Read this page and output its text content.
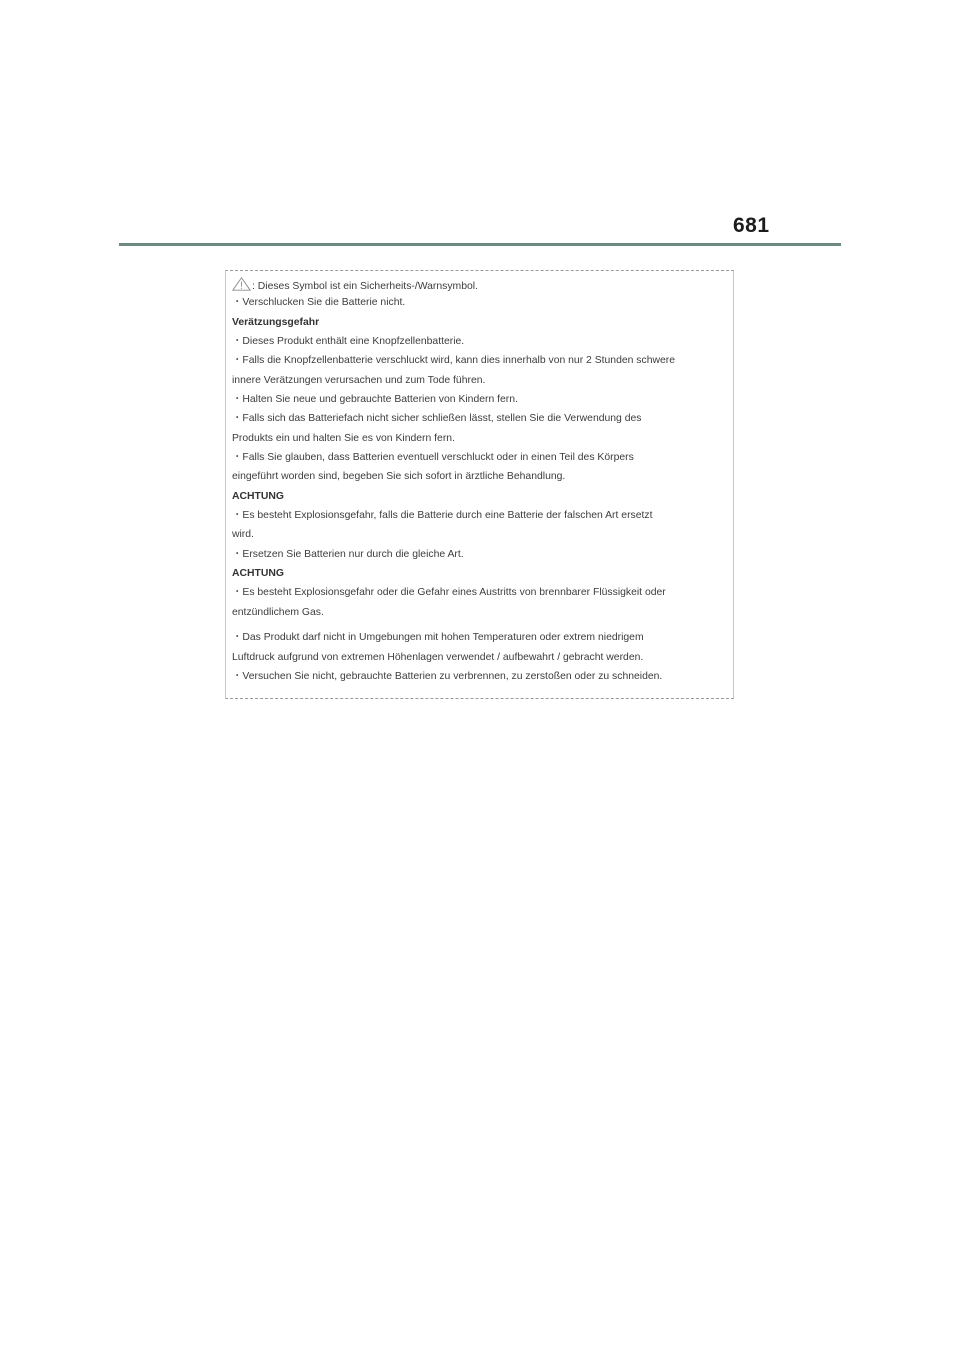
681
: Dieses Symbol ist ein Sicherheits-/Warnsymbol.
・Verschlucken Sie die Batterie nicht.
Verätzungsgefahr
・Dieses Produkt enthält eine Knopfzellenbatterie.
・Falls die Knopfzellenbatterie verschluckt wird, kann dies innerhalb von nur 2 Stunden schwere
innere Verätzungen verursachen und zum Tode führen.
・Halten Sie neue und gebrauchte Batterien von Kindern fern.
・Falls sich das Batteriefach nicht sicher schließen lässt, stellen Sie die Verwendung des
Produkts ein und halten Sie es von Kindern fern.
・Falls Sie glauben, dass Batterien eventuell verschluckt oder in einen Teil des Körpers
eingeführt worden sind, begeben Sie sich sofort in ärztliche Behandlung.
ACHTUNG
・Es besteht Explosionsgefahr, falls die Batterie durch eine Batterie der falschen Art ersetzt
wird.
・Ersetzen Sie Batterien nur durch die gleiche Art.
ACHTUNG
・Es besteht Explosionsgefahr oder die Gefahr eines Austritts von brennbarer Flüssigkeit oder
entzündlichem Gas.
・Das Produkt darf nicht in Umgebungen mit hohen Temperaturen oder extrem niedrigem
Luftdruck aufgrund von extremen Höhenlagen verwendet / aufbewahrt / gebracht werden.
・Versuchen Sie nicht, gebrauchte Batterien zu verbrennen, zu zerstoßen oder zu schneiden.
